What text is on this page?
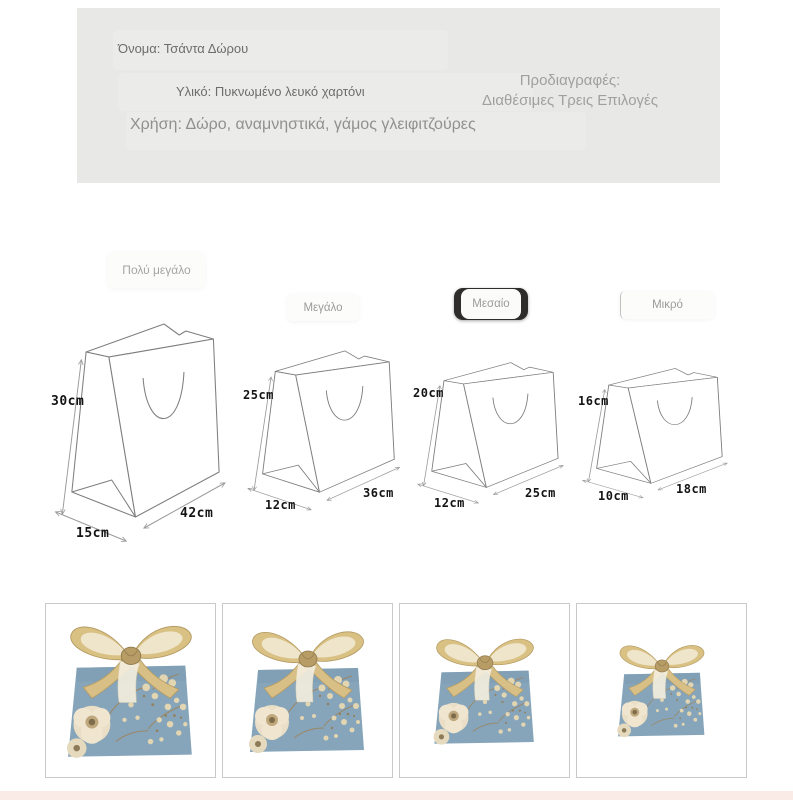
Όνομα: Τσάντα Δώρου
Υλικό: Πυκνωμένο λευκό χαρτόνι
Χρήση: Δώρο, αναμνηστικά, γάμος γλειφιτζούρες
Προδιαγραφές:
Διαθέσιμες Τρεις Επιλογές
Πολύ μεγάλο
Μεγάλο	Μεσαίο	Μικρό
30cm
42cm
15cm
25cm
36cm
12cm
20cm
25cm
12cm
16cm
18cm
10cm
